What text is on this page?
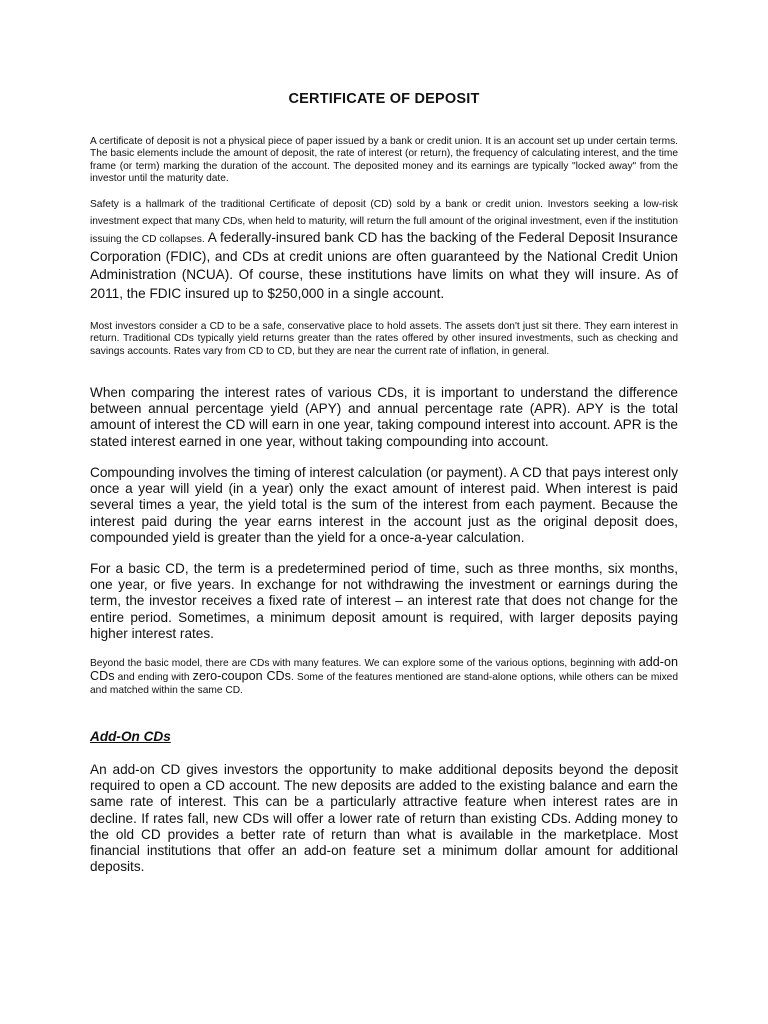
CERTIFICATE OF DEPOSIT

A certificate of deposit is not a physical piece of paper issued by a bank or credit union. It is an account set up under certain terms. The basic elements include the amount of deposit, the rate of interest (or return), the frequency of calculating interest, and the time frame (or term) marking the duration of the account. The deposited money and its earnings are typically "locked away" from the investor until the maturity date.

Safety is a hallmark of the traditional Certificate of deposit (CD) sold by a bank or credit union. Investors seeking a low-risk investment expect that many CDs, when held to maturity, will return the full amount of the original investment, even if the institution issuing the CD collapses. A federally-insured bank CD has the backing of the Federal Deposit Insurance Corporation (FDIC), and CDs at credit unions are often guaranteed by the National Credit Union Administration (NCUA). Of course, these institutions have limits on what they will insure. As of 2011, the FDIC insured up to $250,000 in a single account.

Most investors consider a CD to be a safe, conservative place to hold assets. The assets don't just sit there. They earn interest in return. Traditional CDs typically yield returns greater than the rates offered by other insured investments, such as checking and savings accounts. Rates vary from CD to CD, but they are near the current rate of inflation, in general.

When comparing the interest rates of various CDs, it is important to understand the difference between annual percentage yield (APY) and annual percentage rate (APR). APY is the total amount of interest the CD will earn in one year, taking compound interest into account. APR is the stated interest earned in one year, without taking compounding into account.

Compounding involves the timing of interest calculation (or payment). A CD that pays interest only once a year will yield (in a year) only the exact amount of interest paid. When interest is paid several times a year, the yield total is the sum of the interest from each payment. Because the interest paid during the year earns interest in the account just as the original deposit does, compounded yield is greater than the yield for a once-a-year calculation.

For a basic CD, the term is a predetermined period of time, such as three months, six months, one year, or five years. In exchange for not withdrawing the investment or earnings during the term, the investor receives a fixed rate of interest – an interest rate that does not change for the entire period. Sometimes, a minimum deposit amount is required, with larger deposits paying higher interest rates.

Beyond the basic model, there are CDs with many features. We can explore some of the various options, beginning with add-on CDs and ending with zero-coupon CDs. Some of the features mentioned are stand-alone options, while others can be mixed and matched within the same CD.

Add-On CDs

An add-on CD gives investors the opportunity to make additional deposits beyond the deposit required to open a CD account. The new deposits are added to the existing balance and earn the same rate of interest. This can be a particularly attractive feature when interest rates are in decline. If rates fall, new CDs will offer a lower rate of return than existing CDs. Adding money to the old CD provides a better rate of return than what is available in the marketplace. Most financial institutions that offer an add-on feature set a minimum dollar amount for additional deposits.
